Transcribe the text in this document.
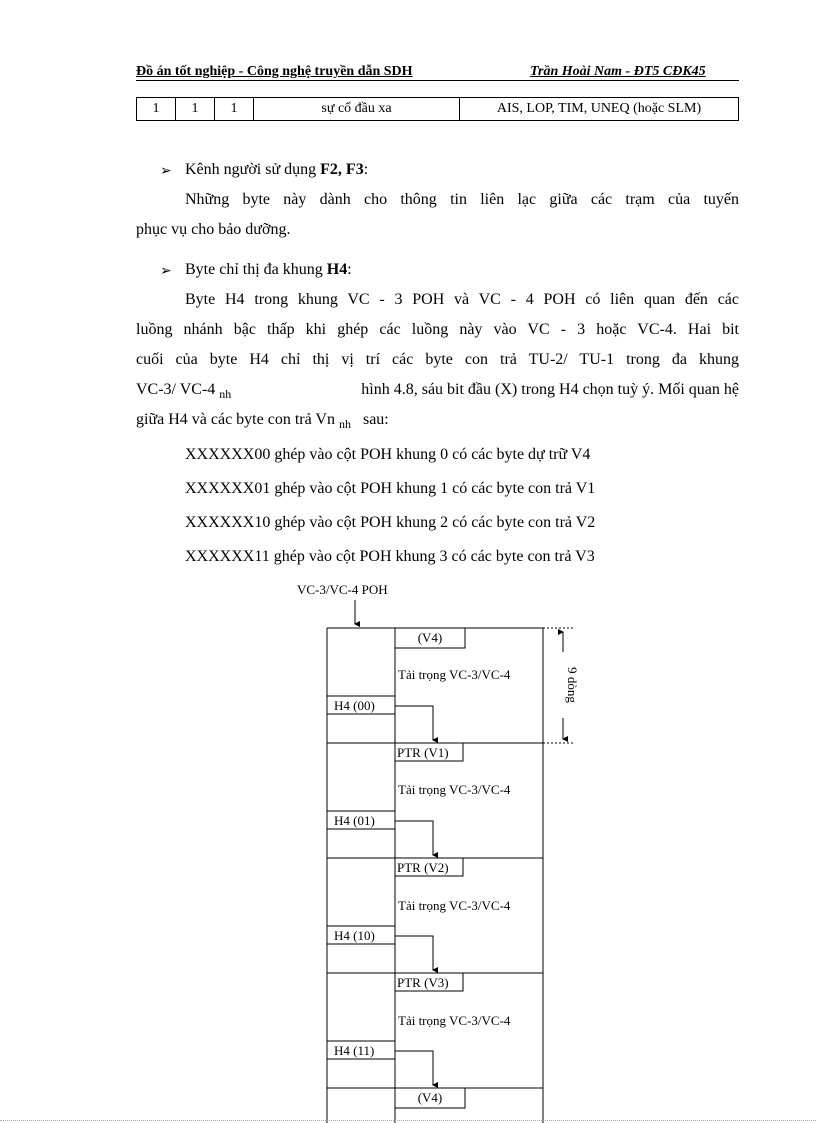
Đồ án tốt nghiệp - Công nghệ truyền dẫn SDH	Trần Hoài Nam - ĐT5 CĐK45
1	1	1	sự cố đầu xa	AIS, LOP, TIM, UNEQ (hoặc SLM)
➢ Kênh người sử dụng F2, F3:
Những byte này dành cho thông tin liên lạc giữa các trạm của tuyến
phục vụ cho bảo dưỡng.
➢ Byte chỉ thị đa khung H4:
Byte H4 trong khung VC - 3 POH và VC - 4 POH có liên quan đến các
luồng nhánh bậc thấp khi ghép các luồng này vào VC - 3 hoặc VC-4. Hai bit
cuối của byte H4 chỉ thị vị trí các byte con trả TU-2/ TU-1 trong đa khung
VC-3/ VC-4 $_{nh}$	hình 4.8, sáu bit đầu (X) trong H4 chọn tuỳ ý. Mối quan hệ
giữa H4 và các byte con trả Vn $_{nh}$ sau:
XXXXXX00 ghép vào cột POH khung 0 có các byte dự trữ V4
XXXXXX01 ghép vào cột POH khung 1 có các byte con trả V1
XXXXXX10 ghép vào cột POH khung 2 có các byte con trả V2
XXXXXX11 ghép vào cột POH khung 3 có các byte con trả V3
VC-3/VC-4 POH
(V4)
Tải trọng VC-3/VC-4
H4 (00)
PTR (V1)
Tải trọng VC-3/VC-4
H4 (01)
PTR (V2)
Tải trọng VC-3/VC-4
H4 (10)
PTR (V3)
Tải trọng VC-3/VC-4
H4 (11)
(V4)
9 dòng
